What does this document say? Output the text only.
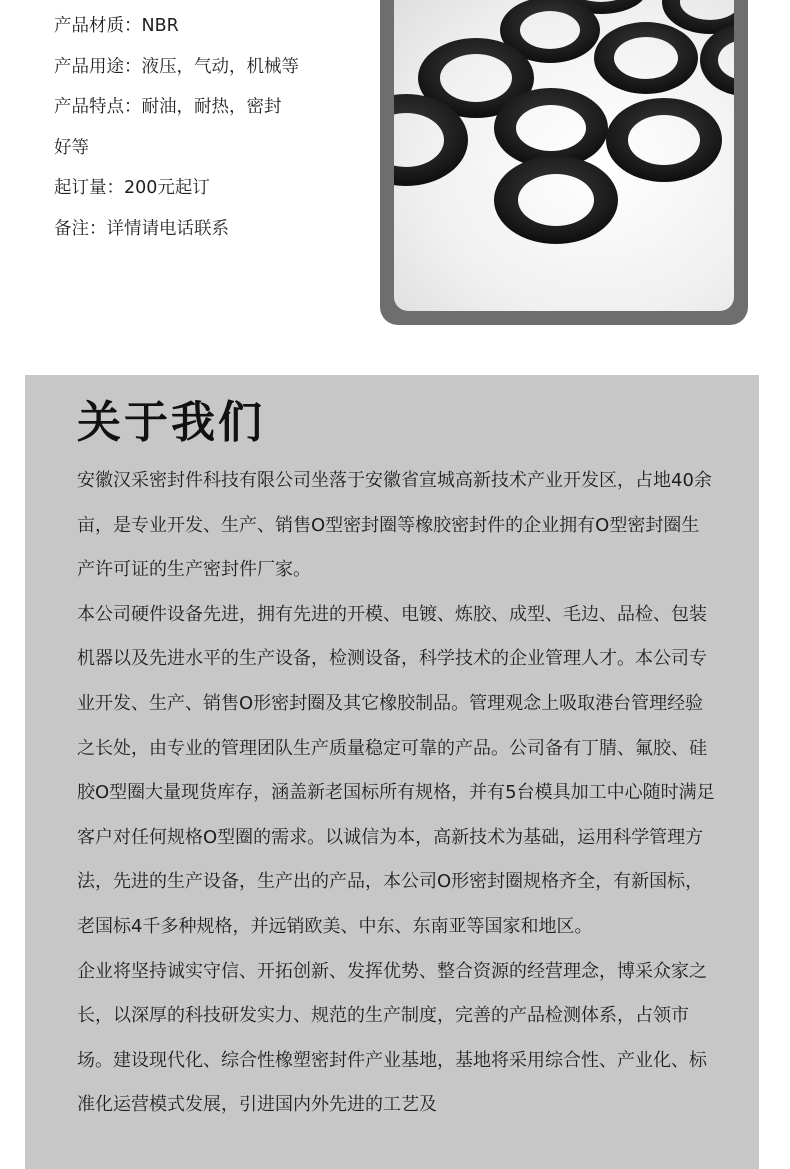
产品材质：NBR
产品用途：液压，气动，机械等
产品特点：耐油，耐热，密封
好等
起订量：200元起订
备注：详情请电话联系
关于我们

安徽汉采密封件科技有限公司坐落于安徽省宣城高新技术产业开发区，占地40余亩，是专业开发、生产、销售O型密封圈等橡胶密封件的企业拥有O型密封圈生产许可证的生产密封件厂家。

本公司硬件设备先进，拥有先进的开模、电镀、炼胶、成型、毛边、品检、包装机器以及先进水平的生产设备，检测设备，科学技术的企业管理人才。本公司专业开发、生产、销售O形密封圈及其它橡胶制品。管理观念上吸取港台管理经验之长处，由专业的管理团队生产质量稳定可靠的产品。公司备有丁腈、氟胶、硅胶O型圈大量现货库存，涵盖新老国标所有规格，并有5台模具加工中心随时满足客户对任何规格O型圈的需求。以诚信为本，高新技术为基础，运用科学管理方法，先进的生产设备，生产出的产品，本公司O形密封圈规格齐全，有新国标，老国标4千多种规格，并远销欧美、中东、东南亚等国家和地区。

企业将坚持诚实守信、开拓创新、发挥优势、整合资源的经营理念，博采众家之长，以深厚的科技研发实力、规范的生产制度，完善的产品检测体系，占领市场。建设现代化、综合性橡塑密封件产业基地，基地将采用综合性、产业化、标准化运营模式发展，引进国内外先进的工艺及
